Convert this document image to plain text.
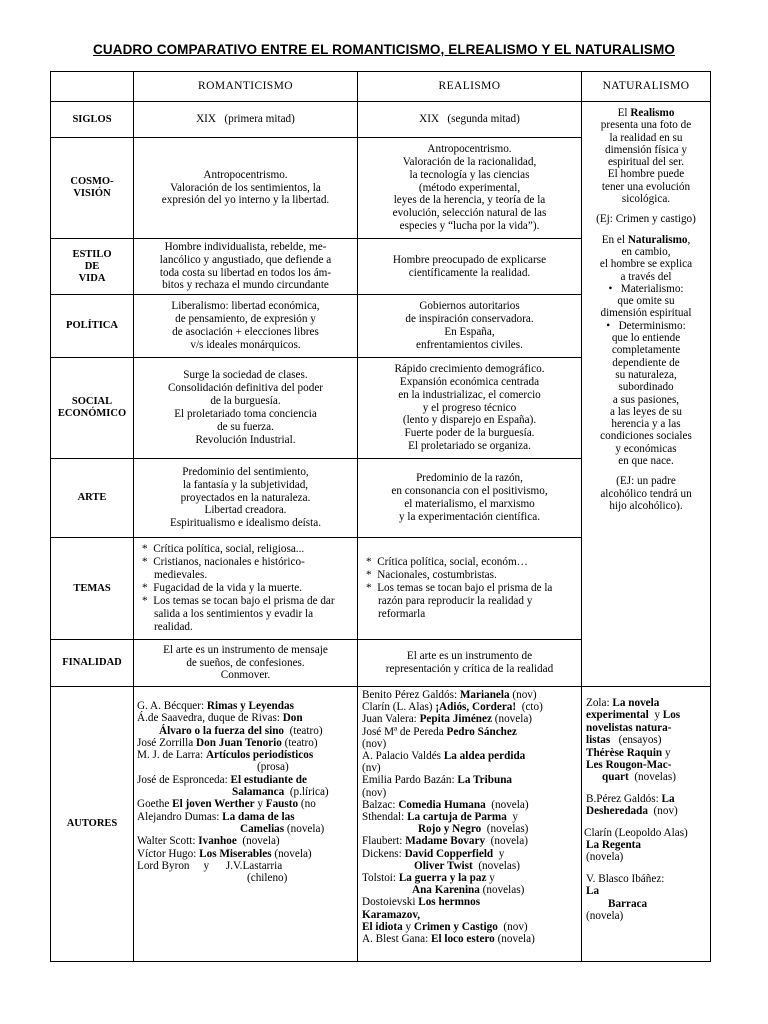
CUADRO COMPARATIVO ENTRE EL ROMANTICISMO, ELREALISMO Y EL NATURALISMO
ROMANTICISMO	REALISMO	NATURALISMO
SIGLOS
COSMO-
VISIÓN
ESTILO
DE
VIDA
POLÍTICA
SOCIAL
ECONÓMICO
ARTE
TEMAS
FINALIDAD
AUTORES
XIX   (primera mitad)
Antropocentrismo.
Valoración de los sentimientos, la
expresión del yo interno y la libertad.
Hombre individualista, rebelde, me-
lancólico y angustiado, que defiende a
toda costa su libertad en todos los ám-
bitos y rechaza el mundo circundante
Liberalismo: libertad económica,
de pensamiento, de expresión y
de asociación + elecciones libres
v/s ideales monárquicos.
Surge la sociedad de clases.
Consolidación definitiva del poder
de la burguesía.
El proletariado toma conciencia
de su fuerza.
Revolución Industrial.
Predominio del sentimiento,
la fantasía y la subjetividad,
proyectados en la naturaleza.
Libertad creadora.
Espiritualismo e idealismo deísta.
*  Crítica política, social, religiosa...
*  Cristianos, nacionales e histórico-medievales.
*  Fugacidad de la vida y la muerte.
*  Los temas se tocan bajo el prisma de dar salida a los sentimientos y evadir la realidad.
El arte es un instrumento de mensaje
de sueños, de confesiones.
Conmover.
G. A. Bécquer: Rimas y Leyendas
Á.de Saavedra, duque de Rivas: Don
Álvaro o la fuerza del sino  (teatro)
José Zorrilla Don Juan Tenorio (teatro)
M. J. de Larra: Artículos periodísticos
(prosa)
José de Espronceda: El estudiante de
Salamanca  (p.lírica)
Goethe El joven Werther y Fausto (no
Alejandro Dumas: La dama de las
Camelias (novela)
Walter Scott: Ivanhoe  (novela)
Víctor Hugo: Los Miserables (novela)
Lord Byron     y      J.V.Lastarria
(chileno)
XIX   (segunda mitad)
Antropocentrismo.
Valoración de la racionalidad,
la tecnología y las ciencias
(método experimental,
leyes de la herencia, y teoría de la
evolución, selección natural de las
especies y “lucha por la vida”).
Hombre preocupado de explicarse
científicamente la realidad.
Gobiernos autoritarios
de inspiración conservadora.
En España,
enfrentamientos civiles.
Rápido crecimiento demográfico.
Expansión económica centrada
en la industrializac, el comercio
y el progreso técnico
(lento y disparejo en España).
Fuerte poder de la burguesía.
El proletariado se organiza.
Predominio de la razón,
en consonancia con el positivismo,
el materialismo, el marxismo
y la experimentación científica.
*  Crítica política, social, económ…
*  Nacionales, costumbristas.
*  Los temas se tocan bajo el prisma de la razón para reproducir la realidad y reformarla
El arte es un instrumento de
representación y crítica de la realidad
Benito Pérez Galdós: Marianela (nov)
Clarín (L. Alas) ¡Adiós, Cordera!  (cto)
Juan Valera: Pepita Jiménez (novela)
José Mª de Pereda Pedro Sánchez
(nov)
A. Palacio Valdés La aldea perdida
(nv)
Emilia Pardo Bazán: La Tribuna
(nov)
Balzac: Comedia Humana  (novela)
Sthendal: La cartuja de Parma  y
Rojo y Negro  (novelas)
Flaubert: Madame Bovary  (novela)
Dickens: David Copperfield  y
Oliver Twist  (novelas)
Tolstoi: La guerra y la paz y
Ana Karenina (novelas)
Dostoievski Los hermnos
Karamazov,
El idiota y Crimen y Castigo  (nov)
A. Blest Gana: El loco estero (novela)
El Realismo
presenta una foto de
la realidad en su
dimensión física y
espiritual del ser.
El hombre puede
tener una evolución
sicológica.
(Ej: Crimen y castigo)
En el Naturalismo,
en cambio,
el hombre se explica
a través del
•   Materialismo:
que omite su
dimensión espiritual
•   Determinismo:
que lo entiende
completamente
dependiente de
su naturaleza,
subordinado
a sus pasiones,
a las leyes de su
herencia y a las
condiciones sociales
y económicas
en que nace.
(EJ: un padre
alcohólico tendrá un
hijo alcohólico).
Zola: La novela
experimental  y Los
novelistas natura-
listas   (ensayos)
Thérèse Raquin y
Les Rougon-Mac-
quart  (novelas)
B.Pérez Galdós: La
Desheredada  (nov)
Clarín (Leopoldo Alas)
La Regenta
(novela)
V. Blasco Ibáñez:
La
Barraca
(novela)
